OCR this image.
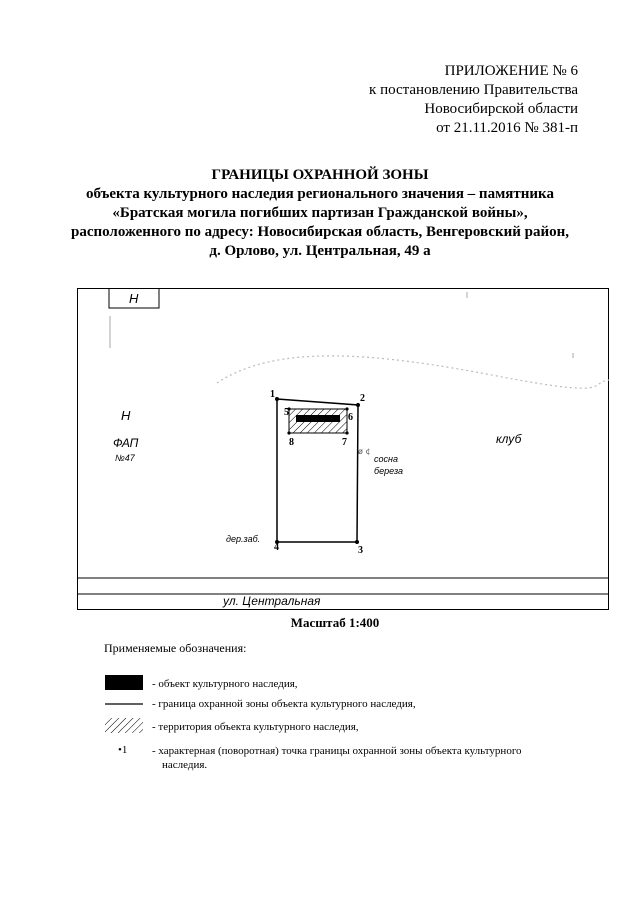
ПРИЛОЖЕНИЕ № 6
к постановлению Правительства
Новосибирской области
от 21.11.2016 № 381-п
ГРАНИЦЫ ОХРАННОЙ ЗОНЫ
объекта культурного наследия регионального значения – памятника
«Братская могила погибших партизан Гражданской войны»,
расположенного по адресу: Новосибирская область, Венгеровский район,
д. Орлово, ул. Центральная, 49 а
1	2
3
4
5	6
7
8
ø ¢
Н
Н
ФАП
№47
клуб
сосна
береза
дер.заб.
ул. Центральная
Масштаб 1:400
Применяемые обозначения:
- объект культурного наследия,
- граница охранной зоны объекта культурного наследия,
- территория объекта культурного наследия,
•1 - характерная (поворотная) точка границы охранной зоны объекта культурного
наследия.
